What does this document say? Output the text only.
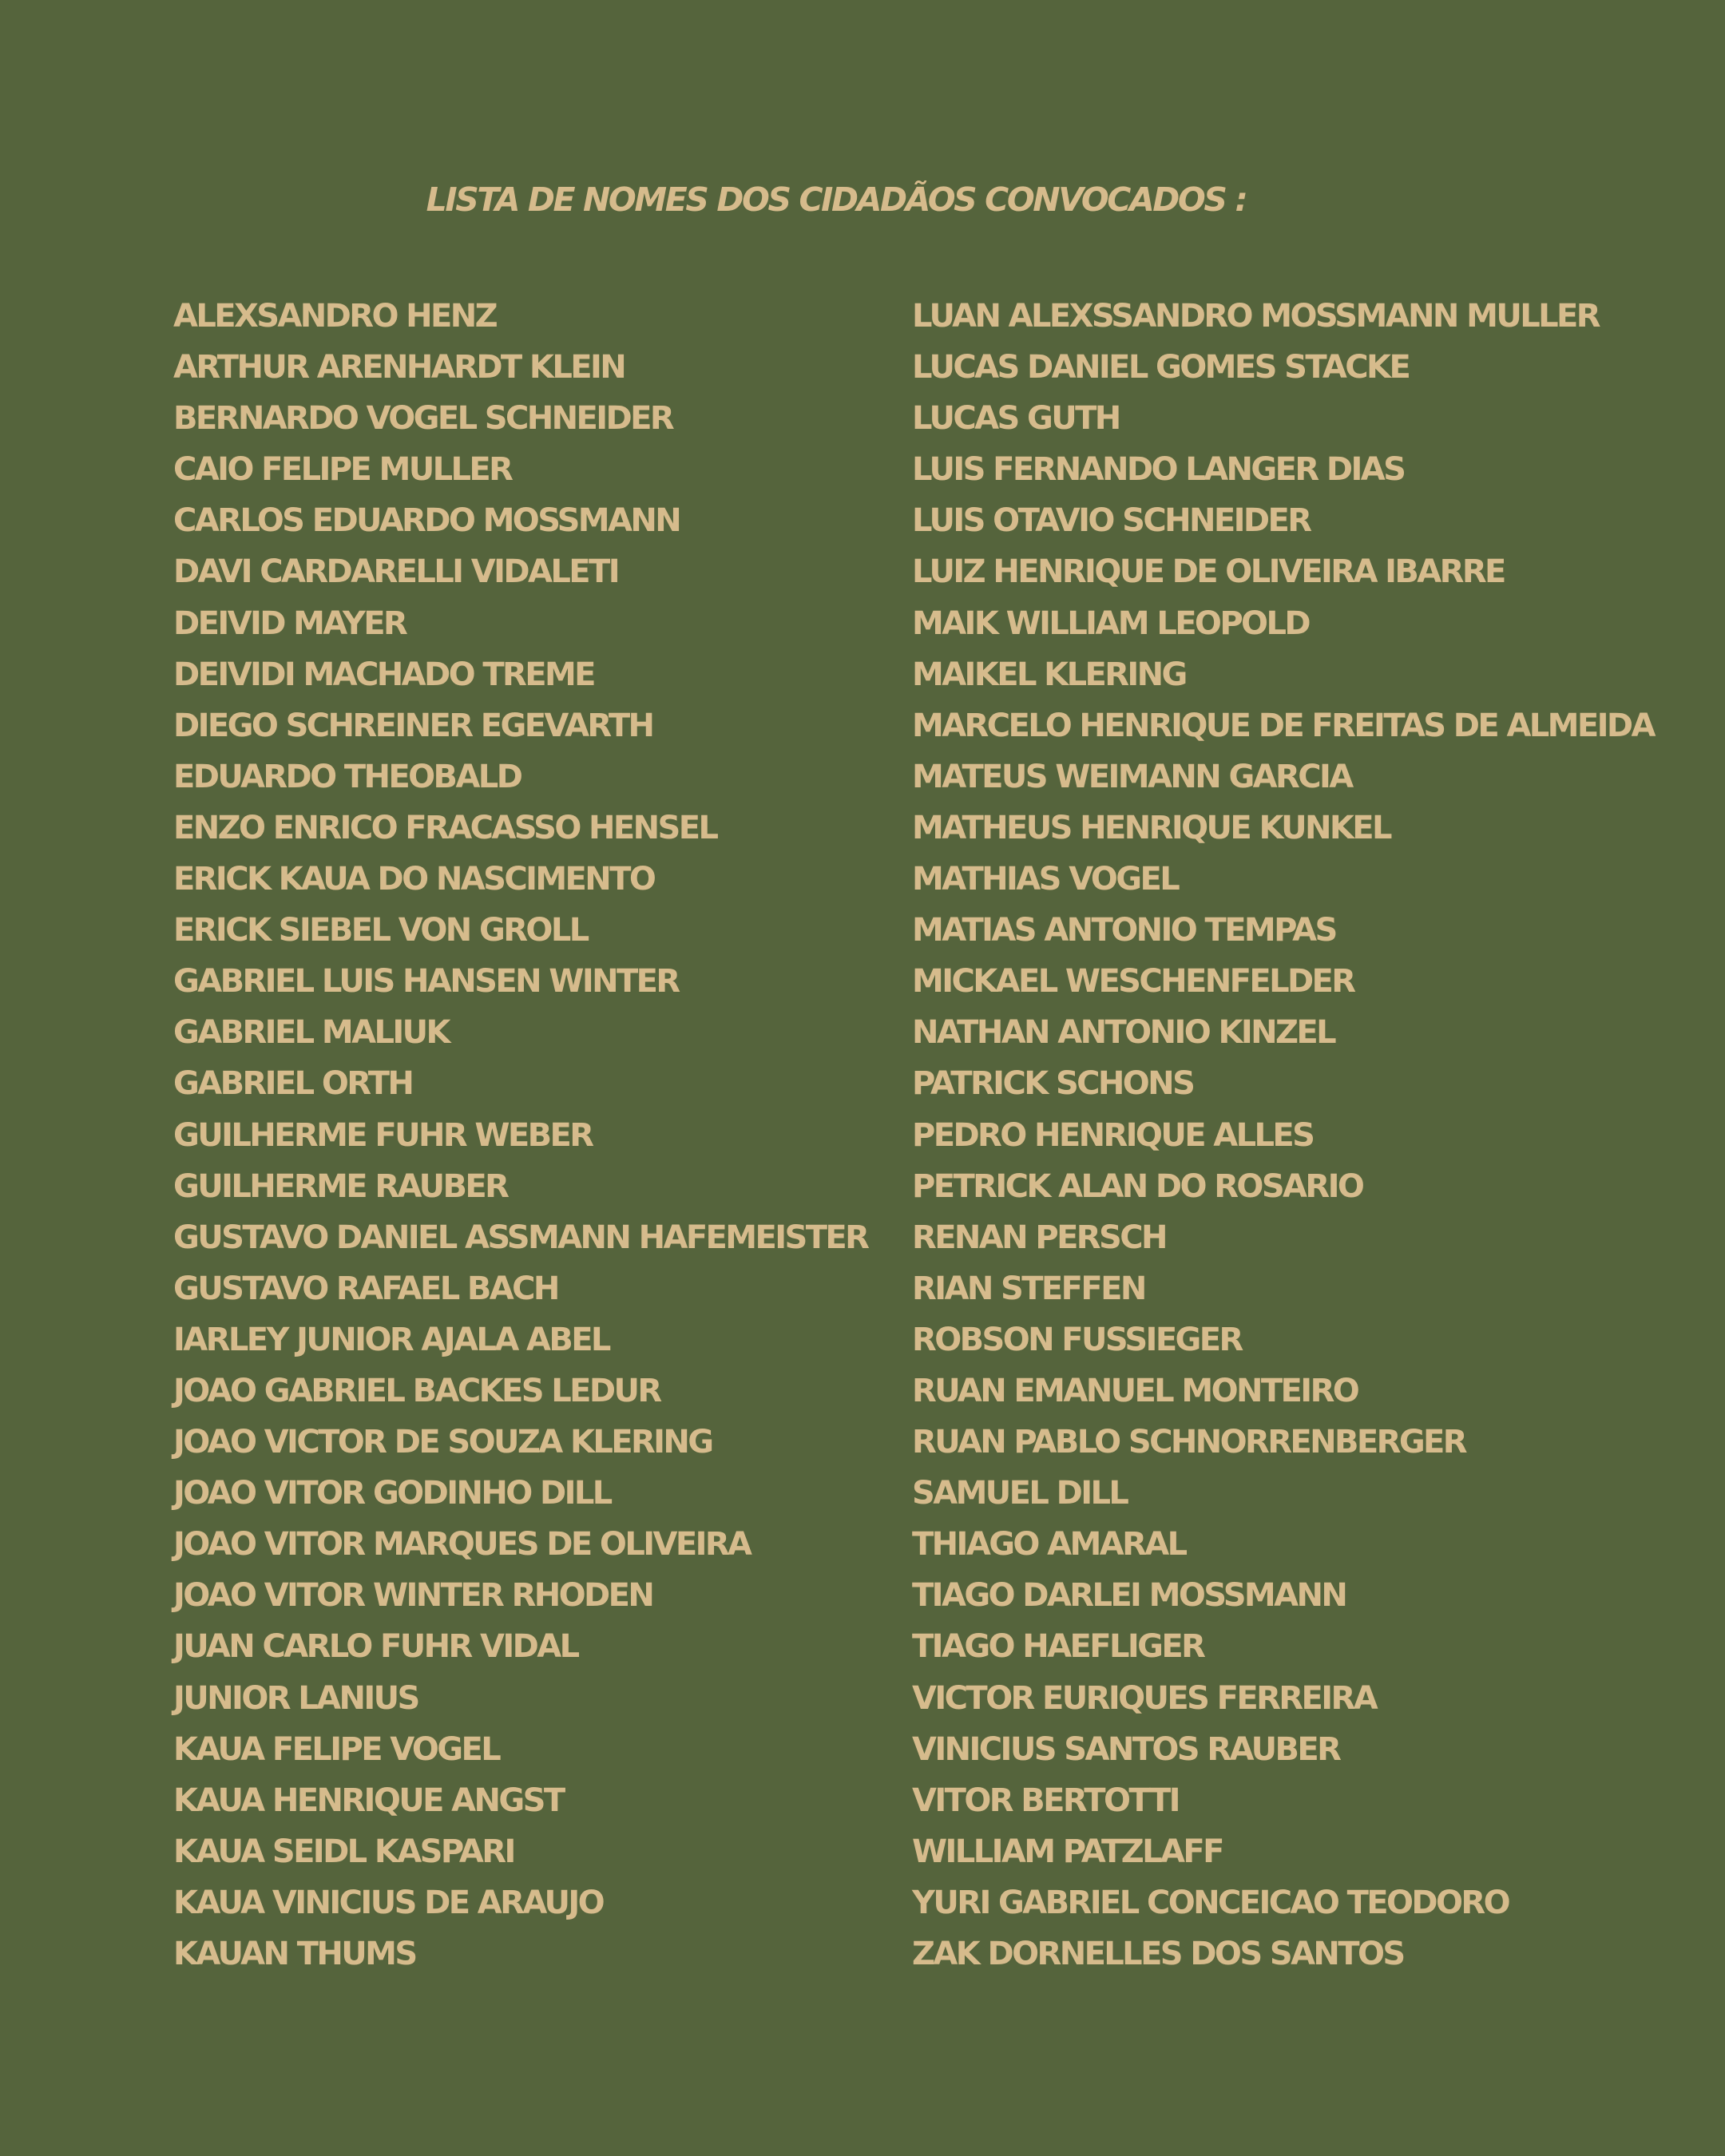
LISTA DE NOMES DOS CIDADÃOS CONVOCADOS :
ALEXSANDRO HENZ
ARTHUR ARENHARDT KLEIN
BERNARDO VOGEL SCHNEIDER
CAIO FELIPE MULLER
CARLOS EDUARDO MOSSMANN
DAVI CARDARELLI VIDALETI
DEIVID MAYER
DEIVIDI MACHADO TREME
DIEGO SCHREINER EGEVARTH
EDUARDO THEOBALD
ENZO ENRICO FRACASSO HENSEL
ERICK KAUA DO NASCIMENTO
ERICK SIEBEL VON GROLL
GABRIEL LUIS HANSEN WINTER
GABRIEL MALIUK
GABRIEL ORTH
GUILHERME FUHR WEBER
GUILHERME RAUBER
GUSTAVO DANIEL ASSMANN HAFEMEISTER
GUSTAVO RAFAEL BACH
IARLEY JUNIOR AJALA ABEL
JOAO GABRIEL BACKES LEDUR
JOAO VICTOR DE SOUZA KLERING
JOAO VITOR GODINHO DILL
JOAO VITOR MARQUES DE OLIVEIRA
JOAO VITOR WINTER RHODEN
JUAN CARLO FUHR VIDAL
JUNIOR LANIUS
KAUA FELIPE VOGEL
KAUA HENRIQUE ANGST
KAUA SEIDL KASPARI
KAUA VINICIUS DE ARAUJO
KAUAN THUMS
LUAN ALEXSSANDRO MOSSMANN MULLER
LUCAS DANIEL GOMES STACKE
LUCAS GUTH
LUIS FERNANDO LANGER DIAS
LUIS OTAVIO SCHNEIDER
LUIZ HENRIQUE DE OLIVEIRA IBARRE
MAIK WILLIAM LEOPOLD
MAIKEL KLERING
MARCELO HENRIQUE DE FREITAS DE ALMEIDA
MATEUS WEIMANN GARCIA
MATHEUS HENRIQUE KUNKEL
MATHIAS VOGEL
MATIAS ANTONIO TEMPAS
MICKAEL WESCHENFELDER
NATHAN ANTONIO KINZEL
PATRICK SCHONS
PEDRO HENRIQUE ALLES
PETRICK ALAN DO ROSARIO
RENAN PERSCH
RIAN STEFFEN
ROBSON FUSSIEGER
RUAN EMANUEL MONTEIRO
RUAN PABLO SCHNORRENBERGER
SAMUEL DILL
THIAGO AMARAL
TIAGO DARLEI MOSSMANN
TIAGO HAEFLIGER
VICTOR EURIQUES FERREIRA
VINICIUS SANTOS RAUBER
VITOR BERTOTTI
WILLIAM PATZLAFF
YURI GABRIEL CONCEICAO TEODORO
ZAK DORNELLES DOS SANTOS
